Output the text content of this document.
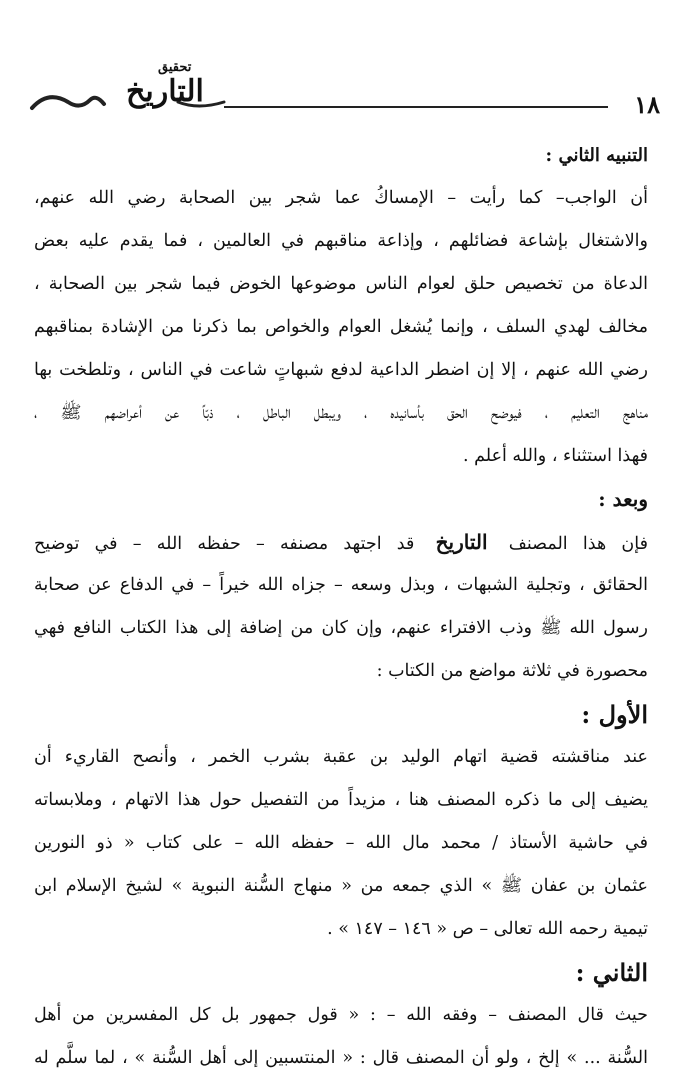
١٨
تحقيق
التاريخ
التنبيه الثاني :
أن الواجب– كما رأيت – الإمساكُ عما شجر بين الصحابة رضي الله عنهم،
والاشتغال بإشاعة فضائلهم ، وإذاعة مناقبهم في العالمين ، فما يقدم عليه بعض
الدعاة من تخصيص حلق لعوام الناس موضوعها الخوض فيما شجر بين الصحابة ،
مخالف لهدي السلف ، وإنما يُشغل العوام والخواص بما ذكرنا من الإشادة بمناقبهم
رضي الله عنهم ، إلا إن اضطر الداعية لدفع شبهاتٍ شاعت في الناس ، وتلطخت بها
مناهج التعليم ، فيوضح الحق بأسانيده ، ويبطل الباطل ، ذبّاً عن أعراضهم ﷺ ،
فهذا استثناء ، والله أعلم .
وبعد :
فإن هذا المصنف التاريخ قد اجتهد مصنفه – حفظه الله – في توضيح
الحقائق ، وتجلية الشبهات ، وبذل وسعه – جزاه الله خيراً – في الدفاع عن صحابة
رسول الله ﷺ وذب الافتراء عنهم، وإن كان من إضافة إلى هذا الكتاب النافع فهي
محصورة في ثلاثة مواضع من الكتاب :
الأول :
عند مناقشته قضية اتهام الوليد بن عقبة بشرب الخمر ، وأنصح القاريء أن
يضيف إلى ما ذكره المصنف هنا ، مزيداً من التفصيل حول هذا الاتهام ، وملابساته
في حاشية الأستاذ / محمد مال الله – حفظه الله – على كتاب « ذو النورين
عثمان بن عفان ﷺ » الذي جمعه من « منهاج السُّنة النبوية » لشيخ الإسلام ابن
تيمية رحمه الله تعالى – ص « ١٤٦ – ١٤٧ » .
الثاني :
حيث قال المصنف – وفقه الله – : « قول جمهور بل كل المفسرين من أهل
السُّنة ... » إلخ ، ولو أن المصنف قال : « المنتسبين إلى أهل السُّنة » ، لما سلَّم له
